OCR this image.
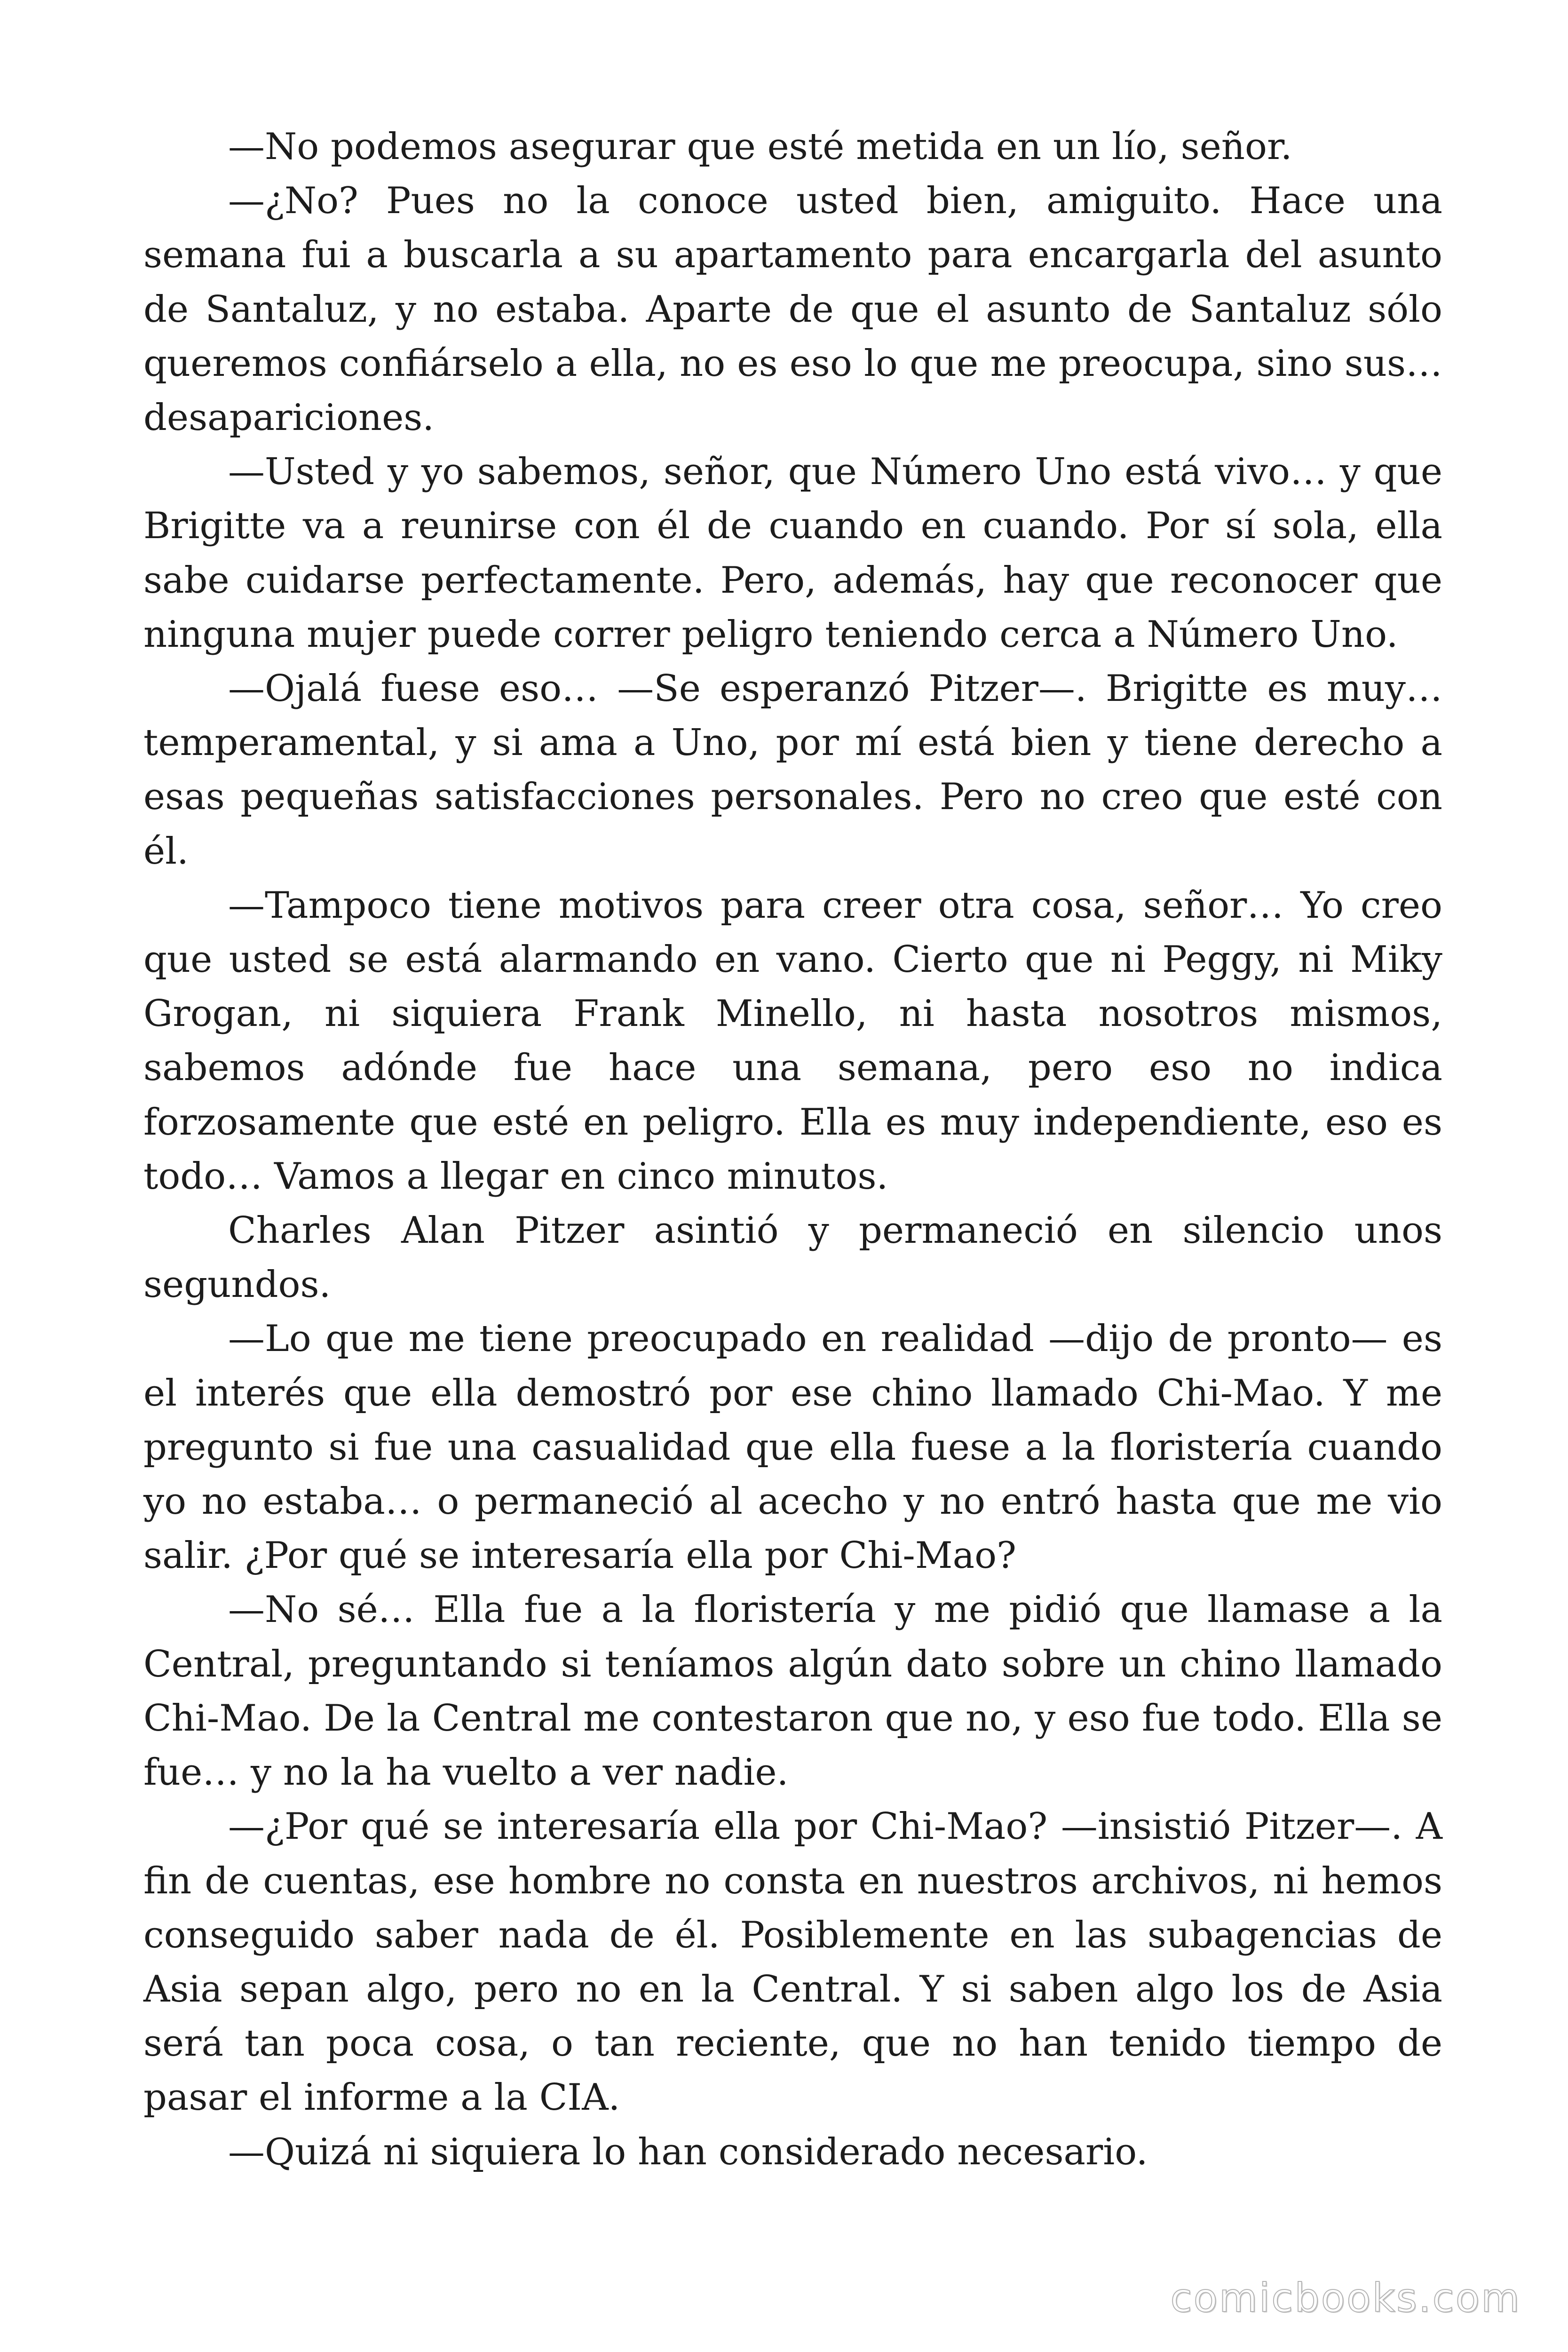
—No podemos asegurar que esté metida en un lío, señor.

—¿No? Pues no la conoce usted bien, amiguito. Hace una semana fui a buscarla a su apartamento para encargarla del asunto de Santaluz, y no estaba. Aparte de que el asunto de Santaluz sólo queremos confiárselo a ella, no es eso lo que me preocupa, sino sus… desapariciones.

—Usted y yo sabemos, señor, que Número Uno está vivo… y que Brigitte va a reunirse con él de cuando en cuando. Por sí sola, ella sabe cuidarse perfectamente. Pero, además, hay que reconocer que ninguna mujer puede correr peligro teniendo cerca a Número Uno.

—Ojalá fuese eso… —Se esperanzó Pitzer—. Brigitte es muy… temperamental, y si ama a Uno, por mí está bien y tiene derecho a esas pequeñas satisfacciones personales. Pero no creo que esté con él.

—Tampoco tiene motivos para creer otra cosa, señor… Yo creo que usted se está alarmando en vano. Cierto que ni Peggy, ni Miky Grogan, ni siquiera Frank Minello, ni hasta nosotros mismos, sabemos adónde fue hace una semana, pero eso no indica forzosamente que esté en peligro. Ella es muy independiente, eso es todo… Vamos a llegar en cinco minutos.

Charles Alan Pitzer asintió y permaneció en silencio unos segundos.

—Lo que me tiene preocupado en realidad —dijo de pronto— es el interés que ella demostró por ese chino llamado Chi-Mao. Y me pregunto si fue una casualidad que ella fuese a la floristería cuando yo no estaba… o permaneció al acecho y no entró hasta que me vio salir. ¿Por qué se interesaría ella por Chi-Mao?

—No sé… Ella fue a la floristería y me pidió que llamase a la Central, preguntando si teníamos algún dato sobre un chino llamado Chi-Mao. De la Central me contestaron que no, y eso fue todo. Ella se fue… y no la ha vuelto a ver nadie.

—¿Por qué se interesaría ella por Chi-Mao? —insistió Pitzer—. A fin de cuentas, ese hombre no consta en nuestros archivos, ni hemos conseguido saber nada de él. Posiblemente en las subagencias de Asia sepan algo, pero no en la Central. Y si saben algo los de Asia será tan poca cosa, o tan reciente, que no han tenido tiempo de pasar el informe a la CIA.

—Quizá ni siquiera lo han considerado necesario.

comicbooks.com
